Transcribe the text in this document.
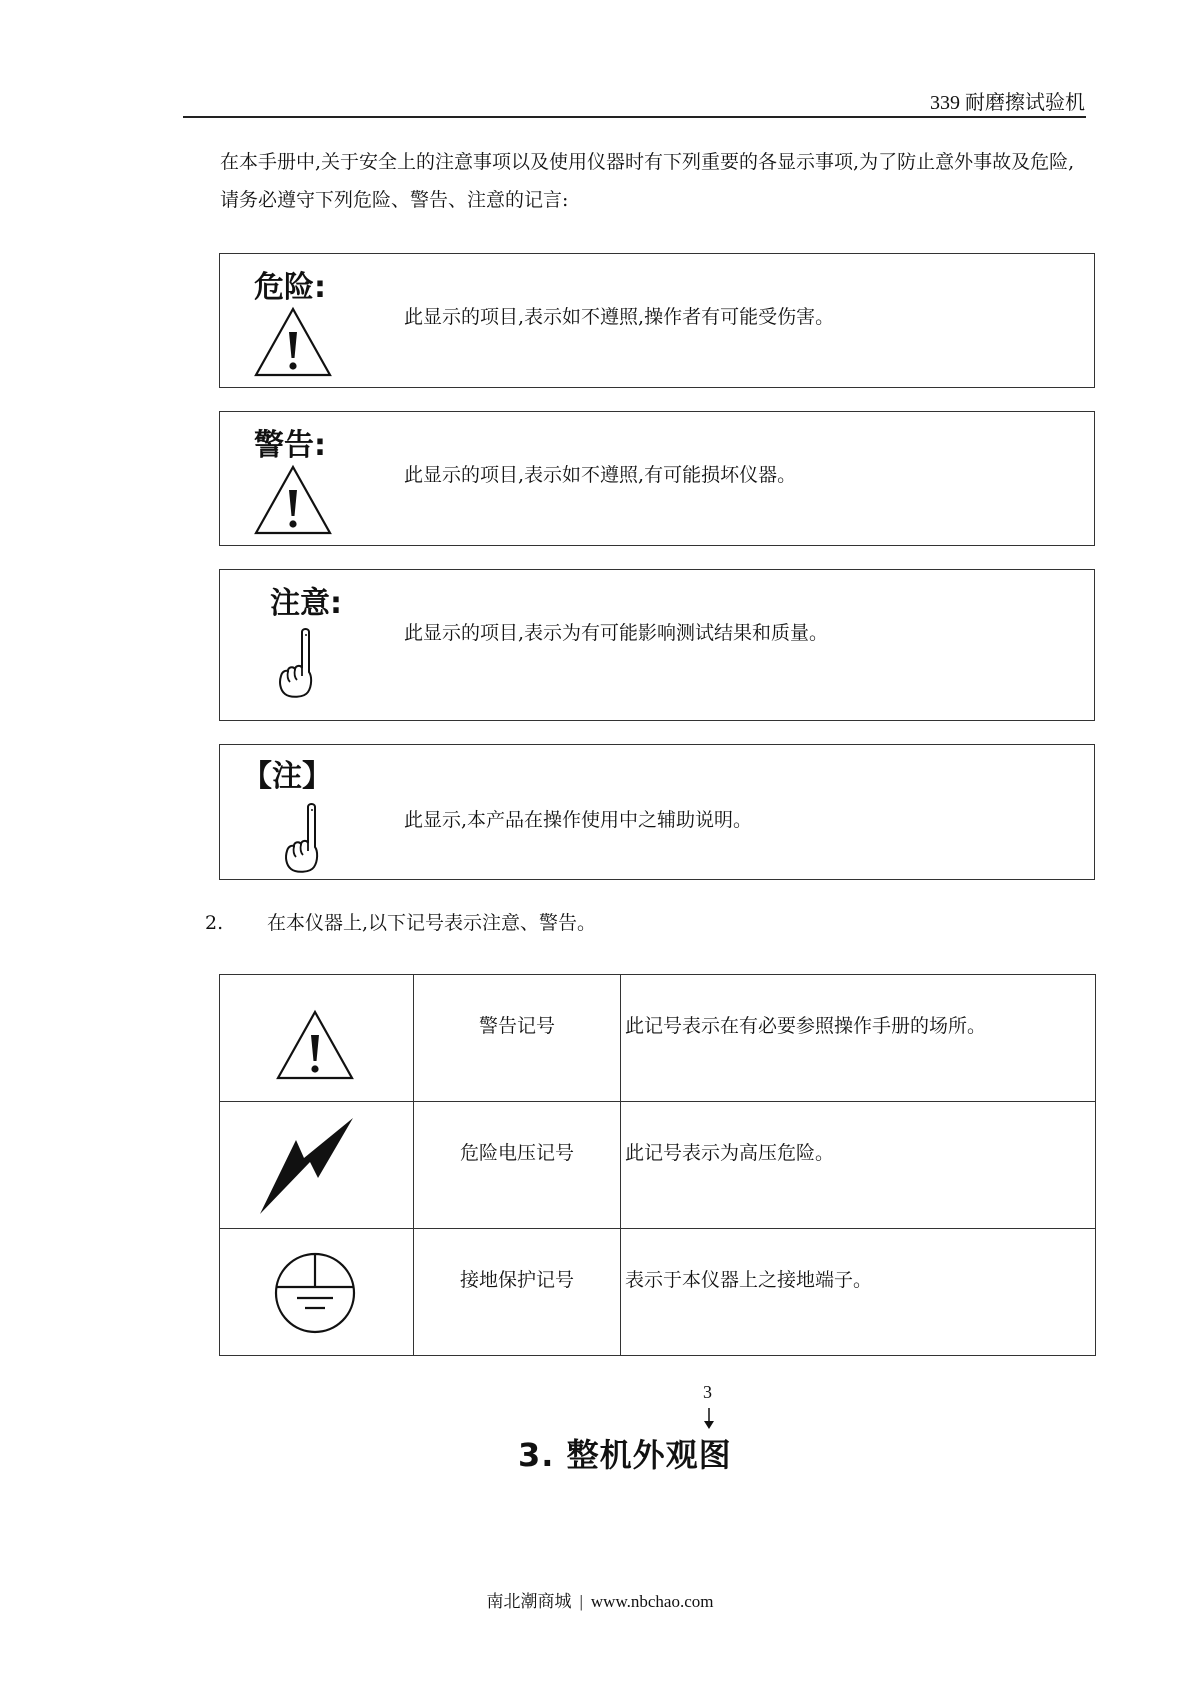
339 耐磨擦试验机

在本手册中,关于安全上的注意事项以及使用仪器时有下列重要的各显示事项,为了防止意外事故及危险,请务必遵守下列危险、警告、注意的记言:

危险:
此显示的项目,表示如不遵照,操作者有可能受伤害。
警告:
此显示的项目,表示如不遵照,有可能损坏仪器。
注意:
此显示的项目,表示为有可能影响测试结果和质量。
【注】
此显示,本产品在操作使用中之辅助说明。
2. 在本仪器上,以下记号表示注意、警告。

警告记号	此记号表示在有必要参照操作手册的场所。

危险电压记号	此记号表示为高压危险。

接地保护记号	表示于本仪器上之接地端子。
3
3. 整机外观图
南北潮商城 | www.nbchao.com
